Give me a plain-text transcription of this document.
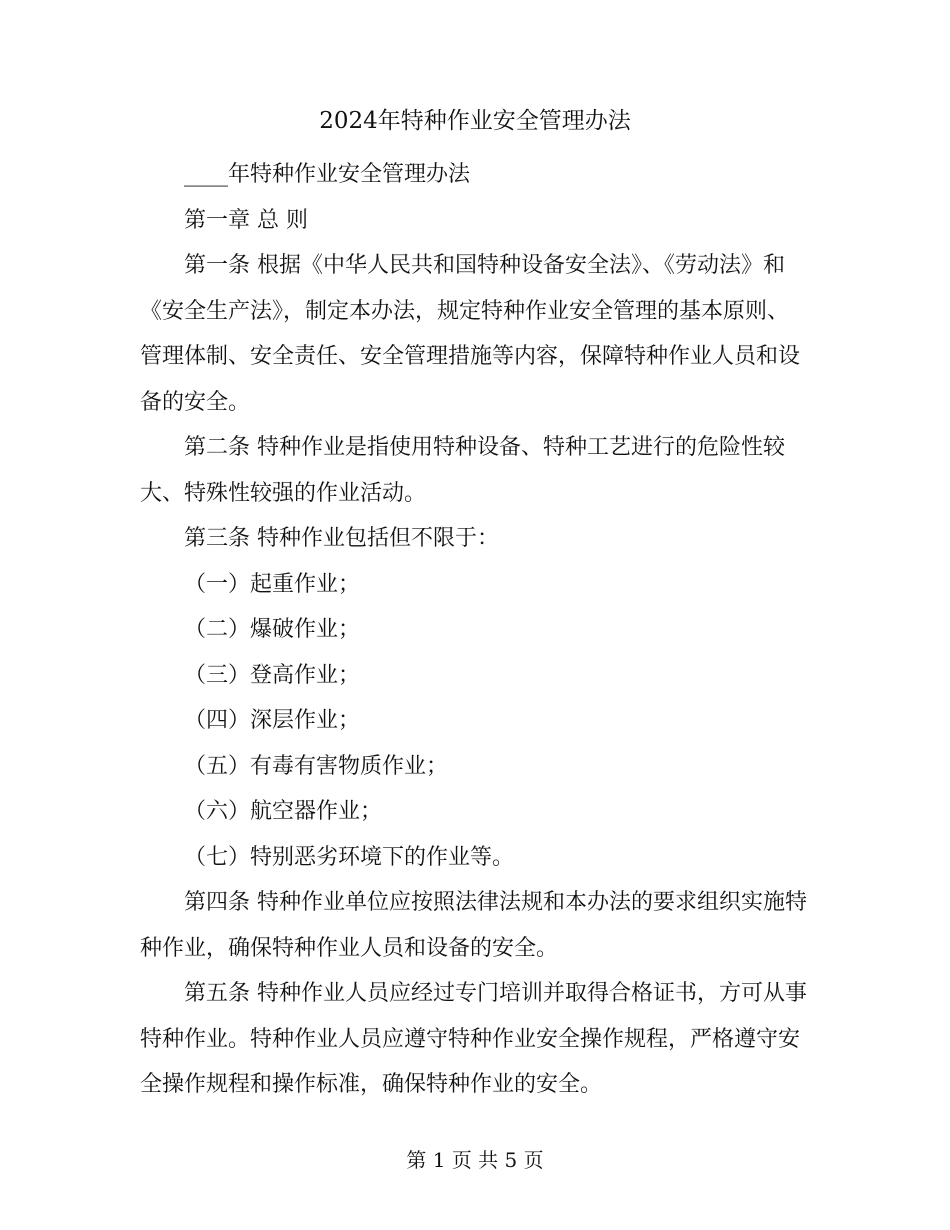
2024年特种作业安全管理办法

____年特种作业安全管理办法

第一章 总 则

第一条 根据《中华人民共和国特种设备安全法》、《劳动法》和《安全生产法》，制定本办法，规定特种作业安全管理的基本原则、管理体制、安全责任、安全管理措施等内容，保障特种作业人员和设备的安全。

第二条 特种作业是指使用特种设备、特种工艺进行的危险性较大、特殊性较强的作业活动。

第三条 特种作业包括但不限于：

（一）起重作业；

（二）爆破作业；

（三）登高作业；

（四）深层作业；

（五）有毒有害物质作业；

（六）航空器作业；

（七）特别恶劣环境下的作业等。

第四条 特种作业单位应按照法律法规和本办法的要求组织实施特种作业，确保特种作业人员和设备的安全。

第五条 特种作业人员应经过专门培训并取得合格证书，方可从事特种作业。特种作业人员应遵守特种作业安全操作规程，严格遵守安全操作规程和操作标准，确保特种作业的安全。

第 1 页 共 5 页
